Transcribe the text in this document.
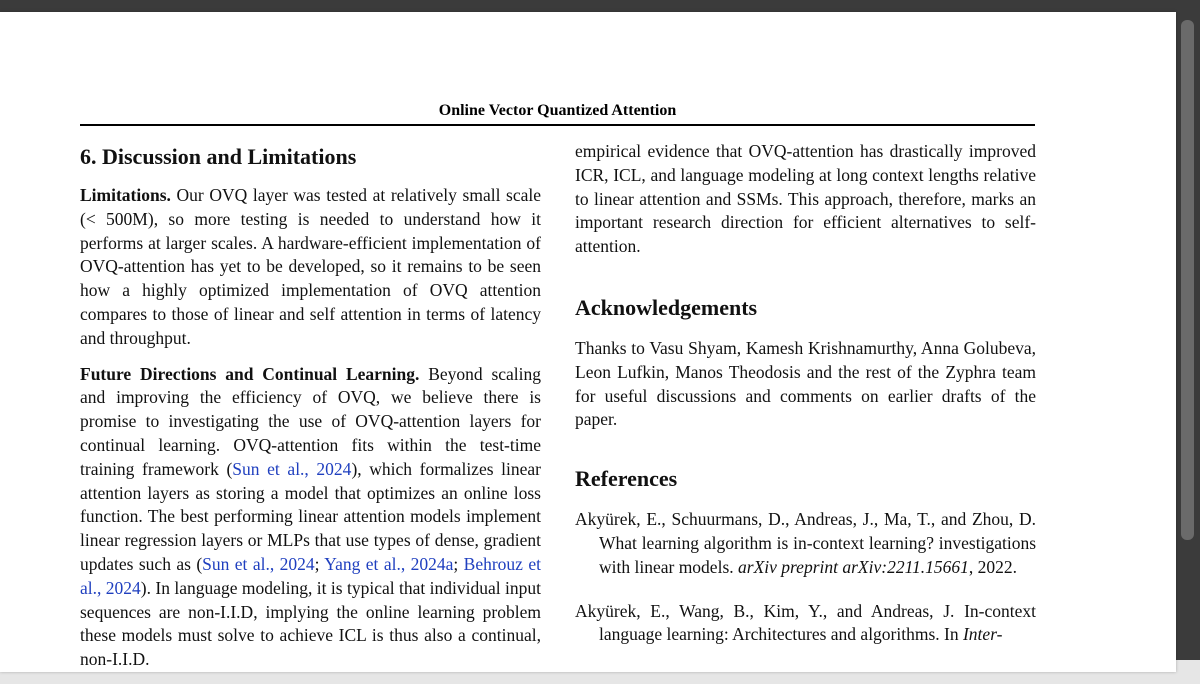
Online Vector Quantized Attention
6. Discussion and Limitations

Limitations. Our OVQ layer was tested at relatively small scale (< 500M), so more testing is needed to understand how it performs at larger scales. A hardware-efficient implementation of OVQ-attention has yet to be developed, so it remains to be seen how a highly optimized implementation of OVQ attention compares to those of linear and self attention in terms of latency and throughput.

Future Directions and Continual Learning. Beyond scaling and improving the efficiency of OVQ, we believe there is promise to investigating the use of OVQ-attention layers for continual learning. OVQ-attention fits within the test-time training framework (Sun et al., 2024), which formalizes linear attention layers as storing a model that optimizes an online loss function. The best performing linear attention models implement linear regression layers or MLPs that use types of dense, gradient updates such as (Sun et al., 2024; Yang et al., 2024a; Behrouz et al., 2024). In language modeling, it is typical that individual input sequences are non-I.I.D, implying the online learning problem these models must solve to achieve ICL is thus also a continual, non-I.I.D.

empirical evidence that OVQ-attention has drastically improved ICR, ICL, and language modeling at long context lengths relative to linear attention and SSMs. This approach, therefore, marks an important research direction for efficient alternatives to self-attention.

Acknowledgements

Thanks to Vasu Shyam, Kamesh Krishnamurthy, Anna Golubeva, Leon Lufkin, Manos Theodosis and the rest of the Zyphra team for useful discussions and comments on earlier drafts of the paper.

References

Akyürek, E., Schuurmans, D., Andreas, J., Ma, T., and Zhou, D. What learning algorithm is in-context learning? investigations with linear models. arXiv preprint arXiv:2211.15661, 2022.

Akyürek, E., Wang, B., Kim, Y., and Andreas, J. In-context language learning: Architectures and algorithms. In Inter-
